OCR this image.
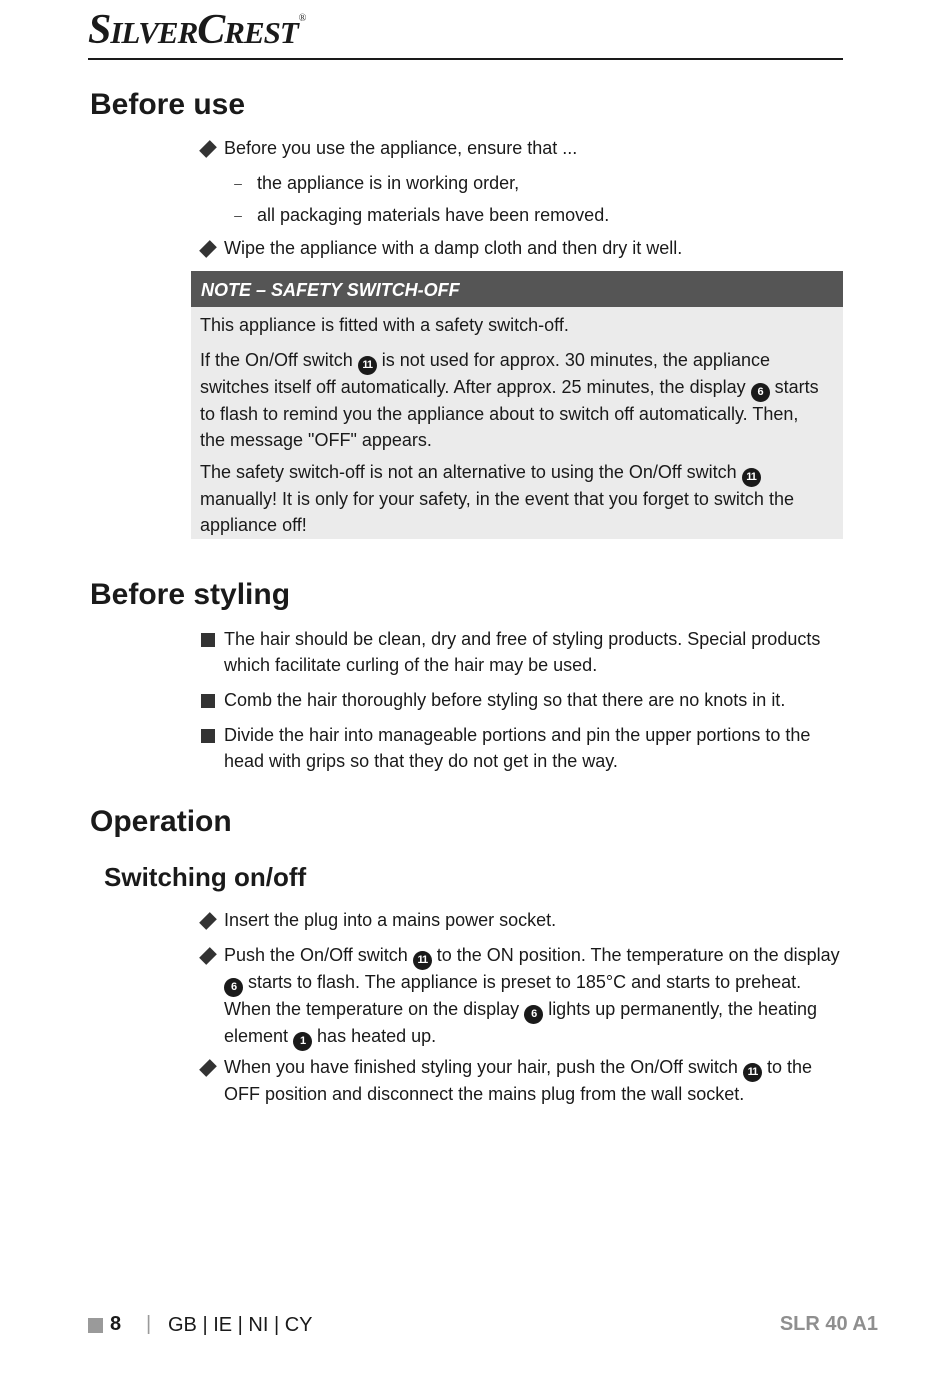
SILVERCREST®
Before use
Before you use the appliance, ensure that ...
– the appliance is in working order,
– all packaging materials have been removed.
Wipe the appliance with a damp cloth and then dry it well.
NOTE – SAFETY SWITCH-OFF

This appliance is fitted with a safety switch-off.

If the On/Off switch 11 is not used for approx. 30 minutes, the appliance switches itself off automatically. After approx. 25 minutes, the display 6 starts to flash to remind you the appliance about to switch off automatically. Then, the message "OFF" appears.

The safety switch-off is not an alternative to using the On/Off switch 11 manually! It is only for your safety, in the event that you forget to switch the appliance off!

Before styling
The hair should be clean, dry and free of styling products. Special products which facilitate curling of the hair may be used.
Comb the hair thoroughly before styling so that there are no knots in it.
Divide the hair into manageable portions and pin the upper portions to the head with grips so that they do not get in the way.
Operation
Switching on/off
Insert the plug into a mains power socket.
Push the On/Off switch 11 to the ON position. The temperature on the display 6 starts to flash. The appliance is preset to 185°C and starts to preheat. When the temperature on the display 6 lights up permanently, the heating element 1 has heated up.
When you have finished styling your hair, push the On/Off switch 11 to the OFF position and disconnect the mains plug from the wall socket.
8 | GB | IE | NI | CY	SLR 40 A1
